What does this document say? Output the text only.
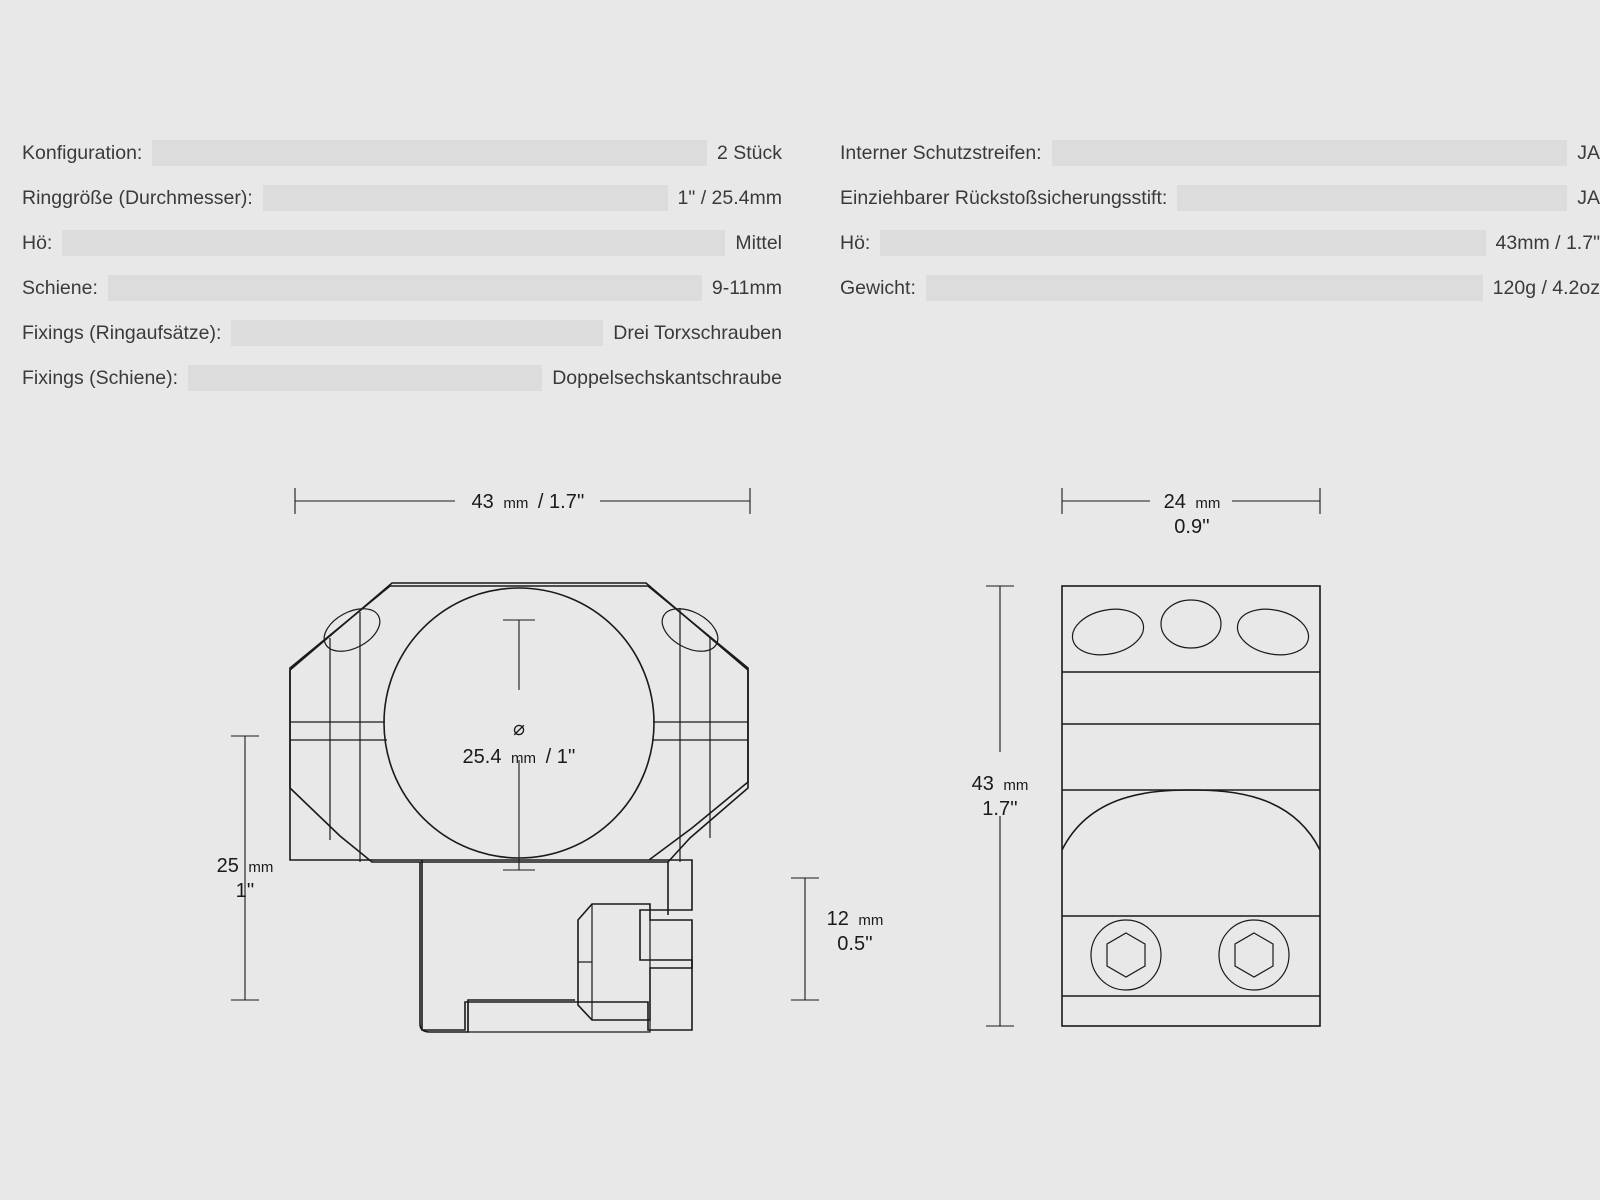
Konfiguration:	2 Stück
Ringgröße (Durchmesser):	1" / 25.4mm
Hö:	Mittel
Schiene:	9-11mm
Fixings (Ringaufsätze):	Drei Torxschrauben
Fixings (Schiene):	Doppelsechskantschraube
Interner Schutzstreifen:	JA
Einziehbarer Rückstoßsicherungsstift:	JA
Hö:	43mm / 1.7"
Gewicht:	120g / 4.2oz
43 mm / 1.7''
⌀
25.4 mm / 1''
25 mm
1''
12 mm
0.5''
24 mm
0.9''
43 mm
1.7''
